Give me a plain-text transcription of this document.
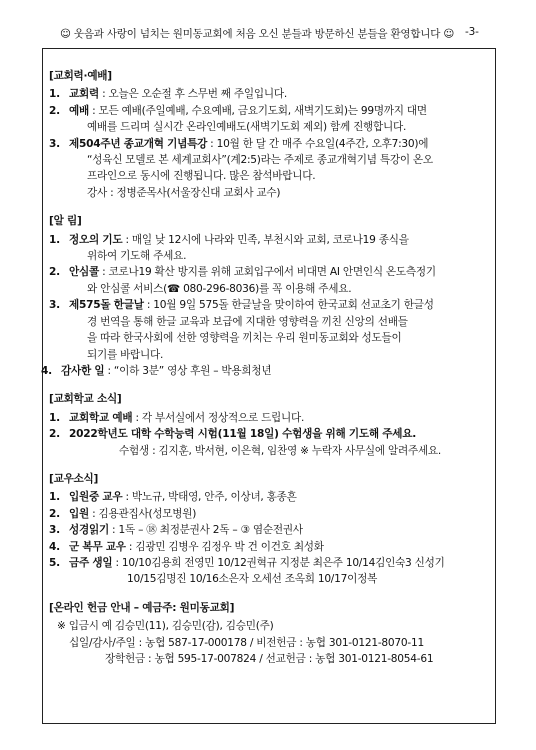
☺ 웃음과 사랑이 넘치는 원미동교회에 처음 오신 분들과 방문하신 분들을 환영합니다 ☺ -3-
[교회력·예배]
1. 교회력 : 오늘은 오순절 후 스무번 째 주일입니다.
2. 예배 : 모든 예배(주일예배, 수요예배, 금요기도회, 새벽기도회)는 99명까지 대면
예배를 드리며 실시간 온라인예배도(새벽기도회 제외) 함께 진행합니다.
3. 제504주년 종교개혁 기념특강 : 10월 한 달 간 매주 수요일(4주간, 오후7:30)에
“성육신 모델로 본 세계교회사”(계2:5)라는 주제로 종교개혁기념 특강이 온오
프라인으로 동시에 진행됩니다. 많은 참석바랍니다.
강사 : 정병준목사(서울장신대 교회사 교수)
[알 림]
1. 정오의 기도 : 매일 낮 12시에 나라와 민족, 부천시와 교회, 코로나19 종식을
위하여 기도해 주세요.
2. 안심콜 : 코로나19 확산 방지를 위해 교회입구에서 비대면 AI 안면인식 온도측정기
와 안심콜 서비스(☎ 080-296-8036)를 꼭 이용해 주세요.
3. 제575돌 한글날 : 10월 9일 575돌 한글날을 맞이하여 한국교회 선교초기 한글성
경 번역을 통해 한글 교육과 보급에 지대한 영향력을 끼친 신앙의 선배들
을 따라 한국사회에 선한 영향력을 끼치는 우리 원미동교회와 성도들이
되기를 바랍니다.
4. 감사한 일 : “이하 3분” 영상 후원 – 박용희청년
[교회학교 소식]
1. 교회학교 예배 : 각 부서실에서 정상적으로 드립니다.
2. 2022학년도 대학 수학능력 시험(11월 18일) 수험생을 위해 기도해 주세요.
수험생 : 김지훈, 박서현, 이은혁, 임찬영 ※ 누락자 사무실에 알려주세요.
[교우소식]
1. 입원중 교우 : 박노규, 박태영, 안주, 이상녀, 홍종흔
2. 입원 : 김용관집사(성모병원)
3. 성경읽기 : 1독 – ⑱ 최정분권사 2독 – ③ 염순전권사
4. 군 복무 교우 : 김광민 김병우 김정우 박 건 이건호 최성화
5. 금주 생일 : 10/10김용희 전영민 10/12권혁규 지정분 최은주 10/14김인숙3 신성기
10/15김명진 10/16소은자 오세선 조옥희 10/17이정복
[온라인 헌금 안내 – 예금주: 원미동교회]
※ 입금시 예 김승민(11), 김승민(감), 김승민(주)
십일/감사/주일 : 농협 587-17-000178 / 비전헌금 : 농협 301-0121-8070-11
장학헌금 : 농협 595-17-007824 / 선교헌금 : 농협 301-0121-8054-61
